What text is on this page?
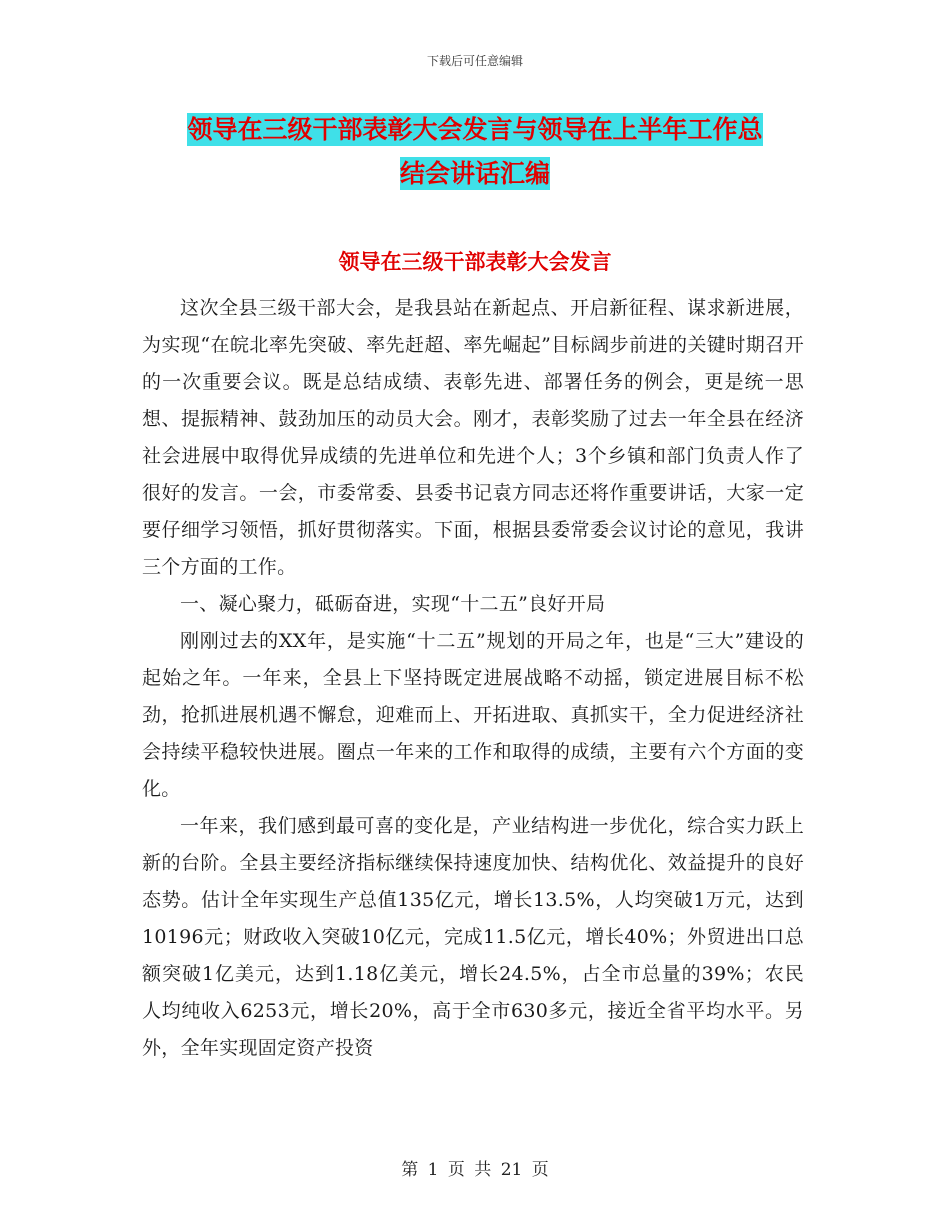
下载后可任意编辑
领导在三级干部表彰大会发言与领导在上半年工作总
结会讲话汇编
领导在三级干部表彰大会发言

这次全县三级干部大会，是我县站在新起点、开启新征程、谋求新进展，为实现“在皖北率先突破、率先赶超、率先崛起”目标阔步前进的关键时期召开的一次重要会议。既是总结成绩、表彰先进、部署任务的例会，更是统一思想、提振精神、鼓劲加压的动员大会。刚才，表彰奖励了过去一年全县在经济社会进展中取得优异成绩的先进单位和先进个人；3个乡镇和部门负责人作了很好的发言。一会，市委常委、县委书记袁方同志还将作重要讲话，大家一定要仔细学习领悟，抓好贯彻落实。下面，根据县委常委会议讨论的意见，我讲三个方面的工作。

一、凝心聚力，砥砺奋进，实现“十二五”良好开局

刚刚过去的XX年，是实施“十二五”规划的开局之年，也是“三大”建设的起始之年。一年来，全县上下坚持既定进展战略不动摇，锁定进展目标不松劲，抢抓进展机遇不懈怠，迎难而上、开拓进取、真抓实干，全力促进经济社会持续平稳较快进展。圈点一年来的工作和取得的成绩，主要有六个方面的变化。

一年来，我们感到最可喜的变化是，产业结构进一步优化，综合实力跃上新的台阶。全县主要经济指标继续保持速度加快、结构优化、效益提升的良好态势。估计全年实现生产总值135亿元，增长13.5%，人均突破1万元，达到10196元；财政收入突破10亿元，完成11.5亿元，增长40%；外贸进出口总额突破1亿美元，达到1.18亿美元，增长24.5%，占全市总量的39%；农民人均纯收入6253元，增长20%，高于全市630多元，接近全省平均水平。另外，全年实现固定资产投资

第 1 页 共 21 页
